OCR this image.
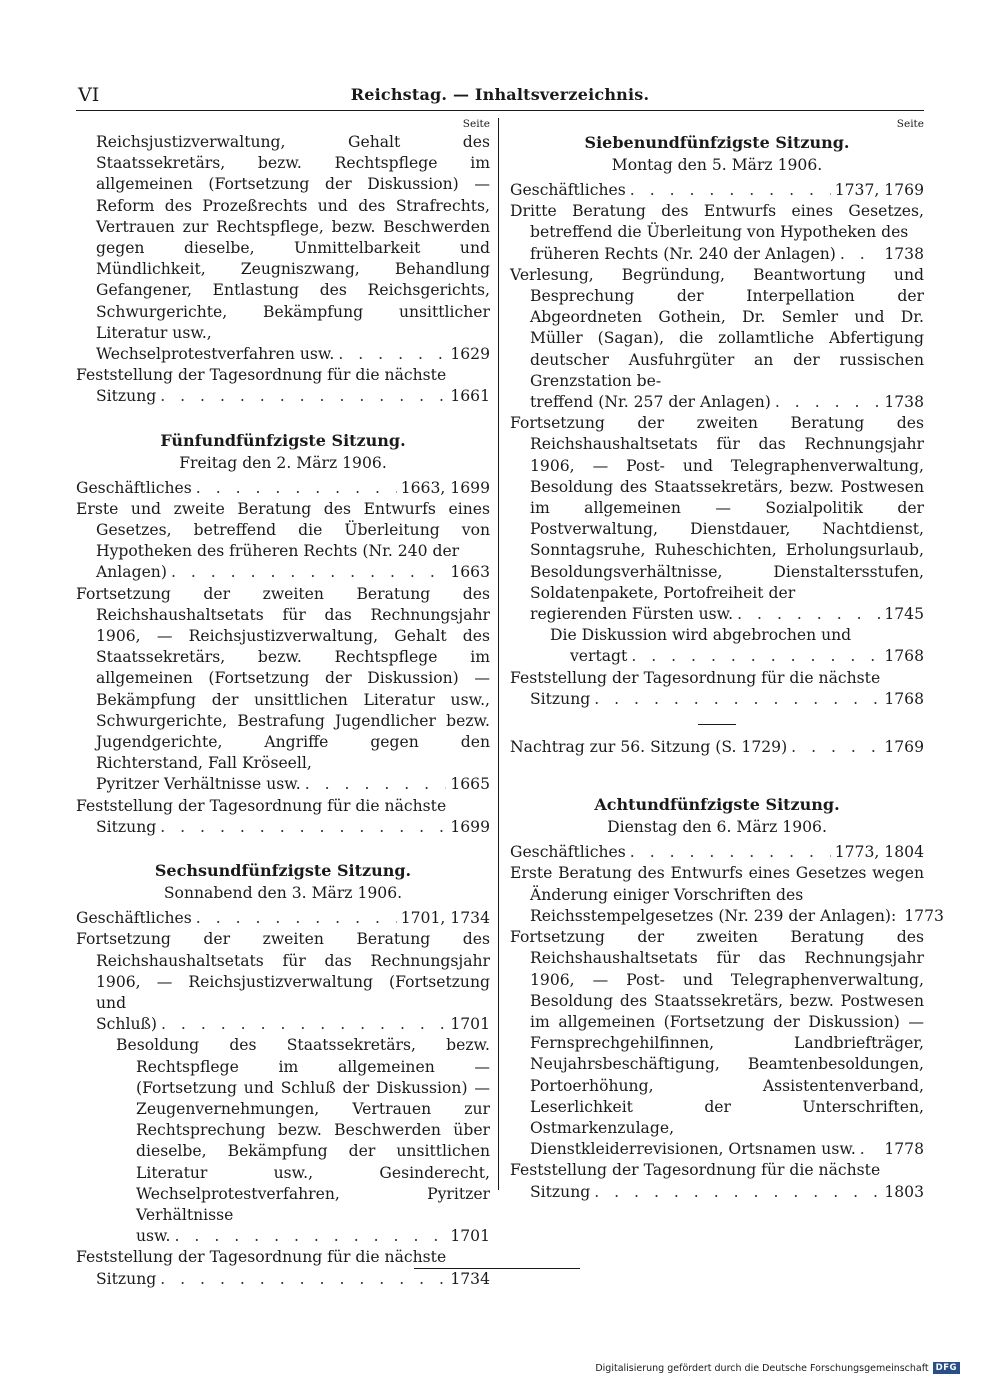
VI	Reichstag. — Inhaltsverzeichnis.
Seite

Reichsjustizverwaltung, Gehalt des Staatssekretärs, bezw. Rechtspflege im allgemeinen (Fortsetzung der Diskussion) — Reform des Prozeßrechts und des Strafrechts, Vertrauen zur Rechtspflege, bezw. Beschwerden gegen dieselbe, Unmittelbarkeit und Mündlichkeit, Zeugniszwang, Behandlung Gefangener, Entlastung des Reichsgerichts, Schwurgerichte, Bekämpfung unsittlicher Literatur usw.,

Wechselprotestverfahren usw. . . .	1629

Feststellung der Tagesordnung für die nächste

Sitzung . . .	1661
Fünfundfünfzigste Sitzung.
Freitag den 2. März 1906.
Geschäftliches . . .	1663, 1699

Erste und zweite Beratung des Entwurfs eines Gesetzes, betreffend die Überleitung von Hypotheken des früheren Rechts (Nr. 240 der

Anlagen) . . .	1663

Fortsetzung der zweiten Beratung des Reichshaushaltsetats für das Rechnungsjahr 1906, — Reichsjustizverwaltung, Gehalt des Staatssekretärs, bezw. Rechtspflege im allgemeinen (Fortsetzung der Diskussion) — Bekämpfung der unsittlichen Literatur usw., Schwurgerichte, Bestrafung Jugendlicher bezw. Jugendgerichte, Angriffe gegen den Richterstand, Fall Kröseell,

Pyritzer Verhältnisse usw. . . .	1665

Feststellung der Tagesordnung für die nächste

Sitzung . . .	1699
Sechsundfünfzigste Sitzung.
Sonnabend den 3. März 1906.
Geschäftliches . . .	1701, 1734

Fortsetzung der zweiten Beratung des Reichshaushaltsetats für das Rechnungsjahr 1906, — Reichsjustizverwaltung (Fortsetzung und

Schluß) . . .	1701

Besoldung des Staatssekretärs, bezw. Rechtspflege im allgemeinen — (Fortsetzung und Schluß der Diskussion) — Zeugenvernehmungen, Vertrauen zur Rechtsprechung bezw. Beschwerden über dieselbe, Bekämpfung der unsittlichen Literatur usw., Gesinderecht, Wechselprotestverfahren, Pyritzer Verhältnisse

usw. . . .	1701

Feststellung der Tagesordnung für die nächste

Sitzung . . .	1734
Seite
Siebenundfünfzigste Sitzung.
Montag den 5. März 1906.
Geschäftliches . . .	1737, 1769

Dritte Beratung des Entwurfs eines Gesetzes, betreffend die Überleitung von Hypotheken des

früheren Rechts (Nr. 240 der Anlagen) . . .	1738

Verlesung, Begründung, Beantwortung und Besprechung der Interpellation der Abgeordneten Gothein, Dr. Semler und Dr. Müller (Sagan), die zollamtliche Abfertigung deutscher Ausfuhrgüter an der russischen Grenzstation be-

treffend (Nr. 257 der Anlagen) . . .	1738

Fortsetzung der zweiten Beratung des Reichshaushaltsetats für das Rechnungsjahr 1906, — Post- und Telegraphenverwaltung, Besoldung des Staatssekretärs, bezw. Postwesen im allgemeinen — Sozialpolitik der Postverwaltung, Dienstdauer, Nachtdienst, Sonntagsruhe, Ruheschichten, Erholungsurlaub, Besoldungsverhältnisse, Dienstaltersstufen, Soldatenpakete, Portofreiheit der

regierenden Fürsten usw. . . .	1745

Die Diskussion wird abgebrochen und

vertagt . . .	1768

Feststellung der Tagesordnung für die nächste

Sitzung . . .	1768
Nachtrag zur 56. Sitzung (S. 1729) . . .	1769
Achtundfünfzigste Sitzung.
Dienstag den 6. März 1906.
Geschäftliches . . .	1773, 1804

Erste Beratung des Entwurfs eines Gesetzes wegen Änderung einiger Vorschriften des

Reichsstempelgesetzes (Nr. 239 der Anlagen): 1773

Fortsetzung der zweiten Beratung des Reichshaushaltsetats für das Rechnungsjahr 1906, — Post- und Telegraphenverwaltung, Besoldung des Staatssekretärs, bezw. Postwesen im allgemeinen (Fortsetzung der Diskussion) — Fernsprechgehilfinnen, Landbriefträger, Neujahrsbeschäftigung, Beamtenbesoldungen, Portoerhöhung, Assistentenverband, Leserlichkeit der Unterschriften, Ostmarkenzulage,

Dienstkleiderrevisionen, Ortsnamen usw. . . . 1778

Feststellung der Tagesordnung für die nächste

Sitzung . . .	1803
Digitalisierung gefördert durch die Deutsche Forschungsgemeinschaft DFG
